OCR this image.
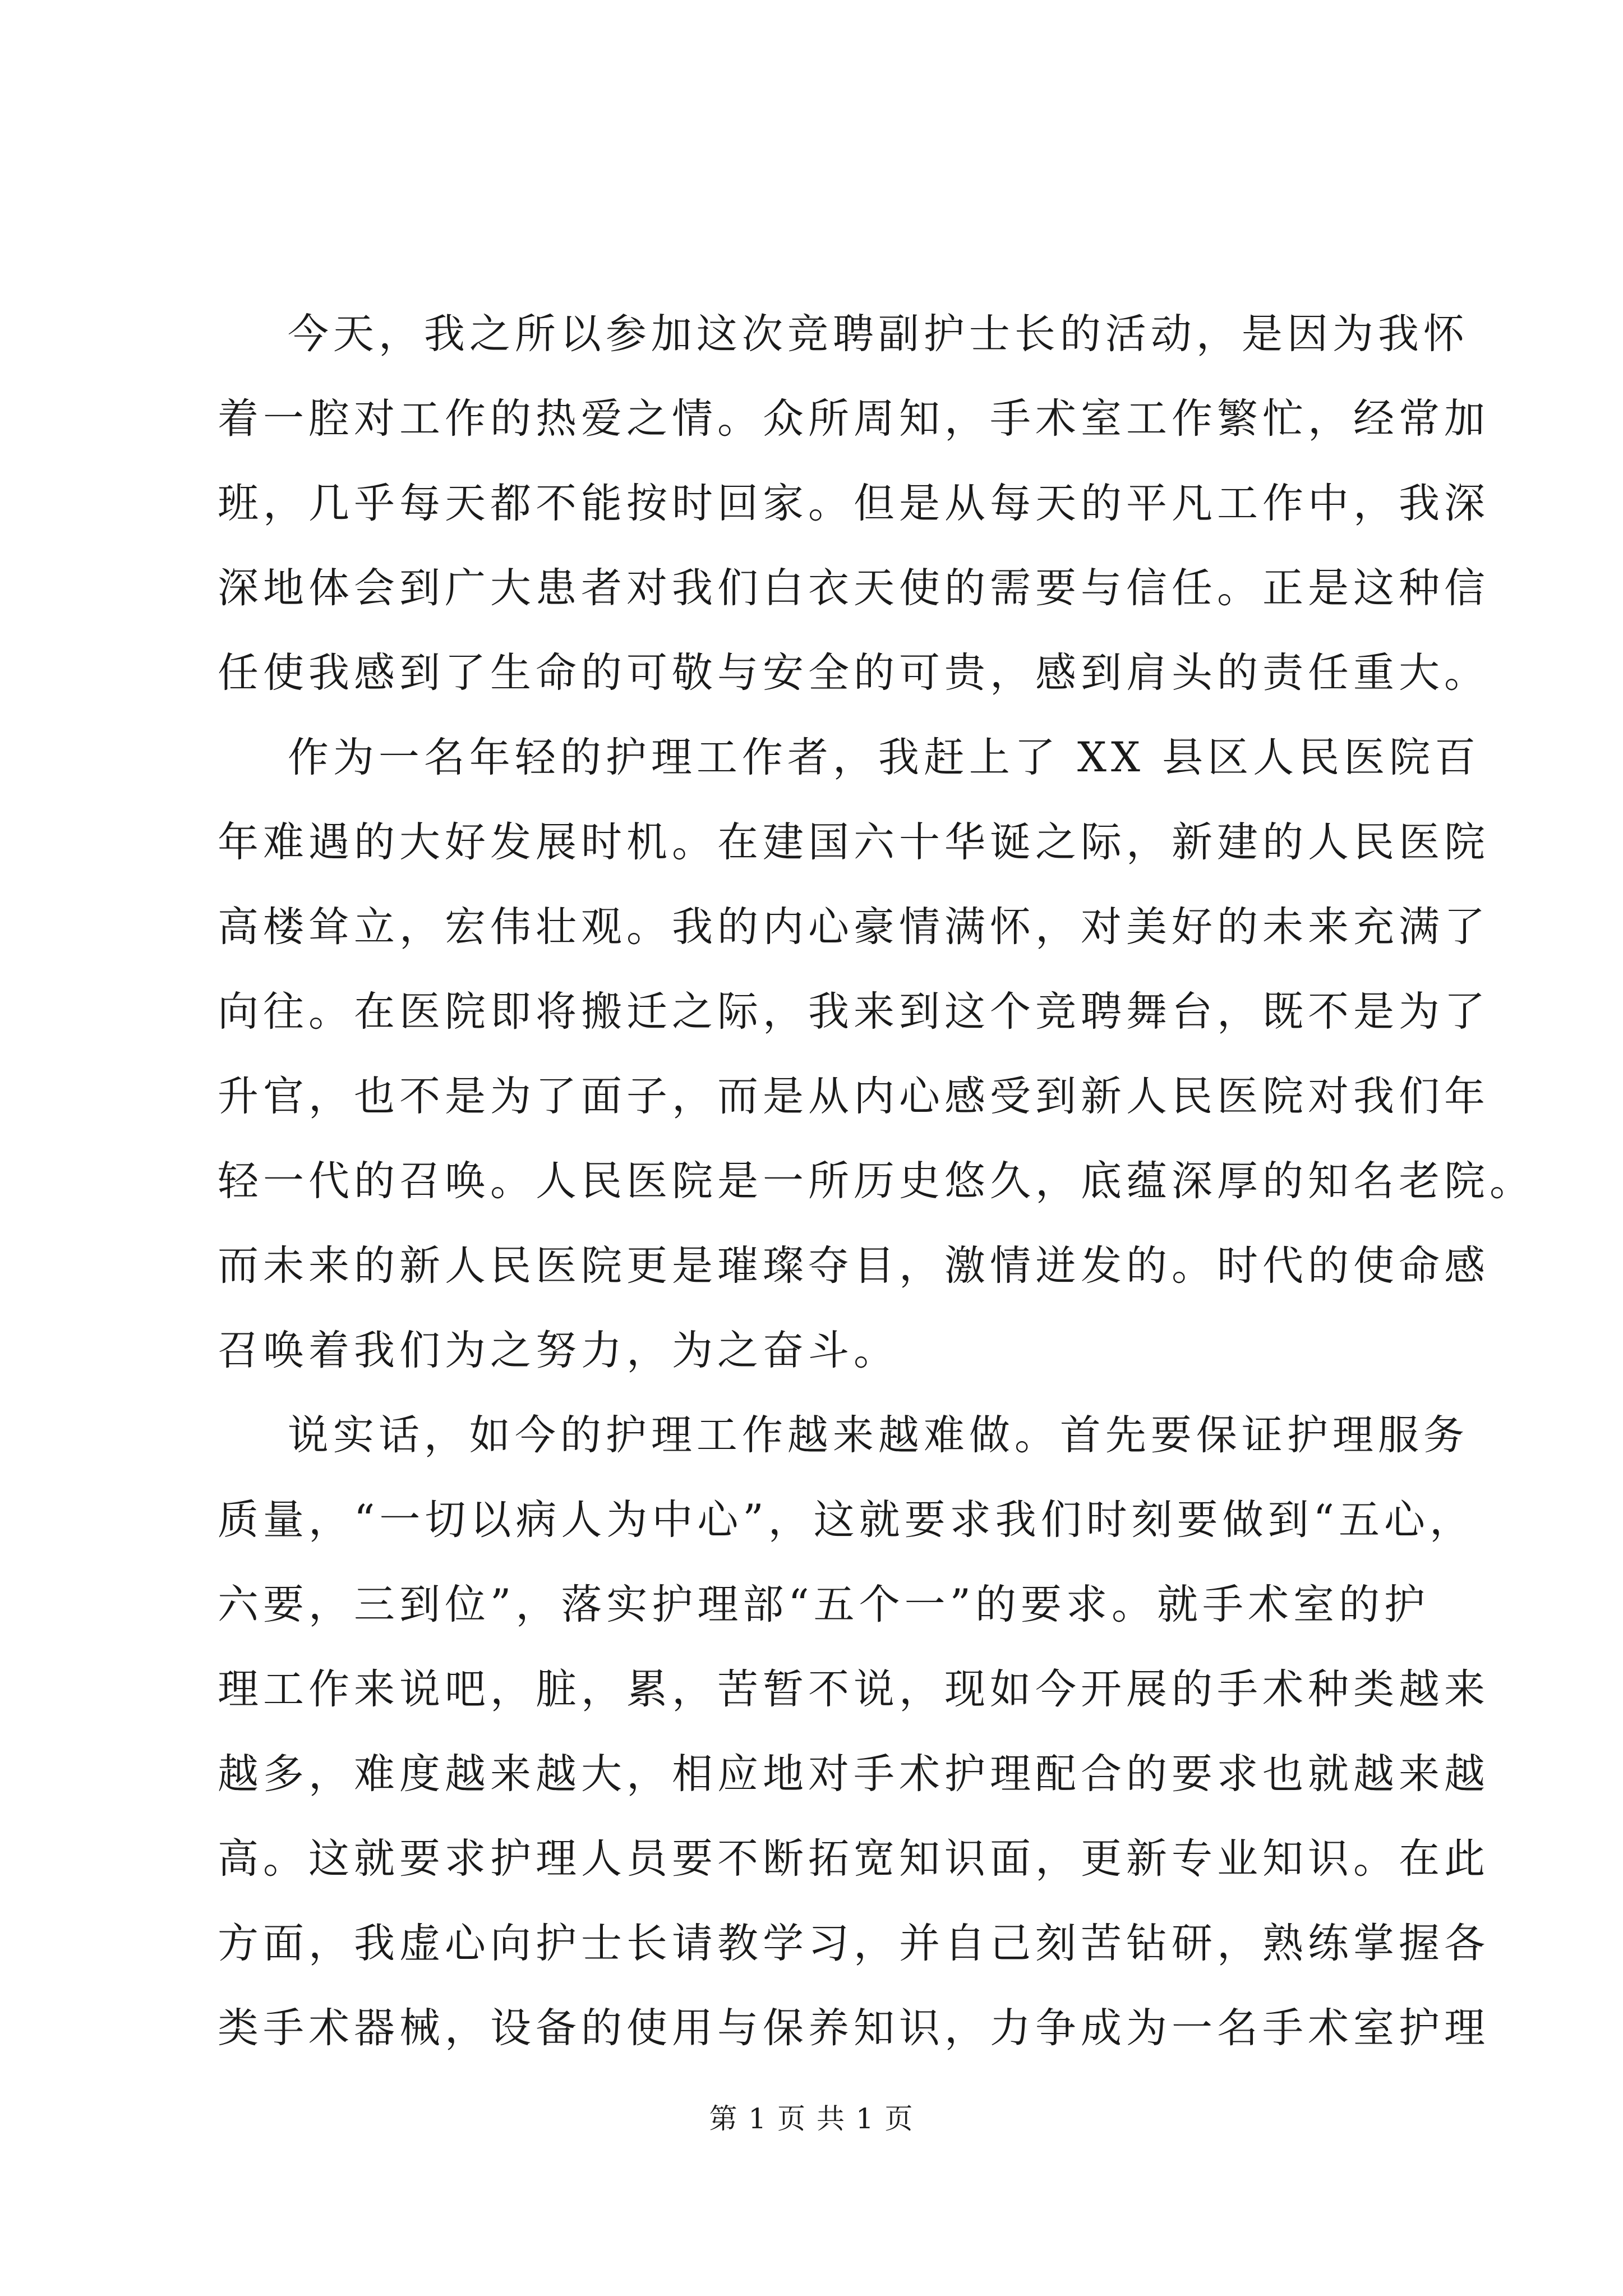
今天，我之所以参加这次竞聘副护士长的活动，是因为我怀
着一腔对工作的热爱之情。众所周知，手术室工作繁忙，经常加
班，几乎每天都不能按时回家。但是从每天的平凡工作中，我深
深地体会到广大患者对我们白衣天使的需要与信任。正是这种信
任使我感到了生命的可敬与安全的可贵，感到肩头的责任重大。
作为一名年轻的护理工作者，我赶上了 XX 县区人民医院百
年难遇的大好发展时机。在建国六十华诞之际，新建的人民医院
高楼耸立，宏伟壮观。我的内心豪情满怀，对美好的未来充满了
向往。在医院即将搬迁之际，我来到这个竞聘舞台，既不是为了
升官，也不是为了面子，而是从内心感受到新人民医院对我们年
轻一代的召唤。人民医院是一所历史悠久，底蕴深厚的知名老院。
而未来的新人民医院更是璀璨夺目，激情迸发的。时代的使命感
召唤着我们为之努力，为之奋斗。
说实话，如今的护理工作越来越难做。首先要保证护理服务
质量，“一切以病人为中心”，这就要求我们时刻要做到“五心，
六要，三到位”，落实护理部“五个一”的要求。就手术室的护
理工作来说吧，脏，累，苦暂不说，现如今开展的手术种类越来
越多，难度越来越大，相应地对手术护理配合的要求也就越来越
高。这就要求护理人员要不断拓宽知识面，更新专业知识。在此
方面，我虚心向护士长请教学习，并自己刻苦钻研，熟练掌握各
类手术器械，设备的使用与保养知识，力争成为一名手术室护理
第 1 页 共 1 页
